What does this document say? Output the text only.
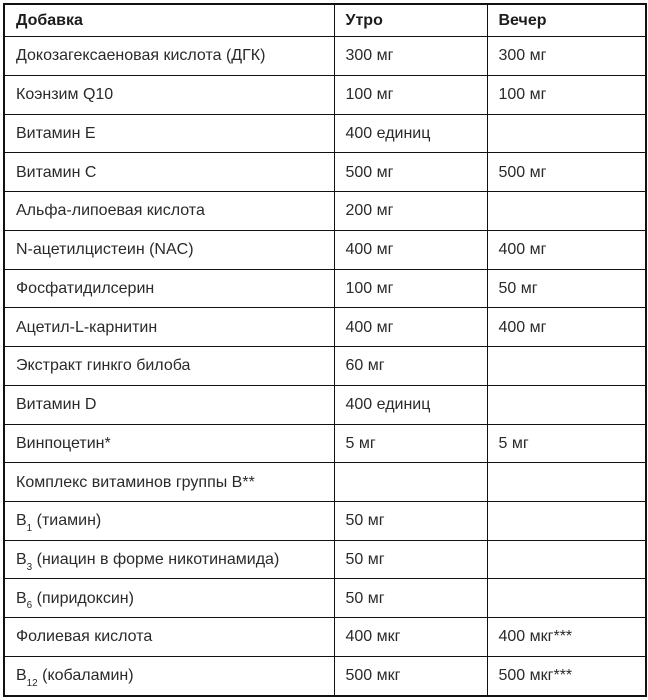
Добавка	Утро	Вечер
Докозагексаеновая кислота (ДГК)	300 мг	300 мг
Коэнзим Q10	100 мг	100 мг
Витамин E	400 единиц	
Витамин C	500 мг	500 мг
Альфа-липоевая кислота	200 мг	
N-ацетилцистеин (NAC)	400 мг	400 мг
Фосфатидилсерин	100 мг	50 мг
Ацетил-L-карнитин	400 мг	400 мг
Экстракт гинкго билоба	60 мг	
Витамин D	400 единиц	
Винпоцетин*	5 мг	5 мг
Комплекс витаминов группы B**		
$B_1$ (тиамин)	50 мг	
$B_3$ (ниацин в форме никотинамида)	50 мг	
$B_6$ (пиридоксин)	50 мг	
Фолиевая кислота	400 мкг	400 мкг***
$B_{12}$ (кобаламин)	500 мкг	500 мкг***
